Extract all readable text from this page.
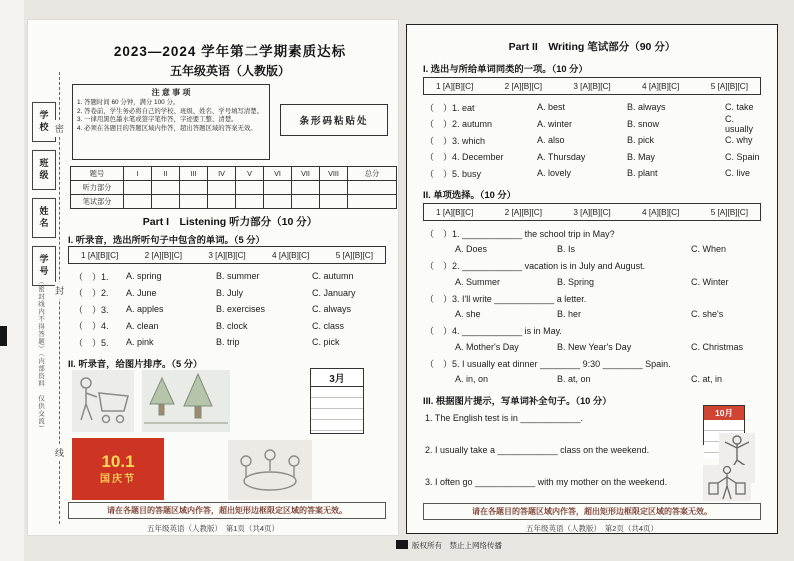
学校
班级
姓名
学号
密
封
线
（密封线内不得答题）（内部资料　仅供交流）
2023—2024 学年第二学期素质达标
五年级英语（人教版）
注 意 事 项
1. 答题时间 60 分钟，满分 100 分。
2. 答卷前，学生务必将自己的学校、班级、姓名、学号填写清楚。
3. 一律用黑色墨水笔或签字笔作答，字迹要工整、清楚。
4. 必须在各题目的答题区域内作答，超出答题区域的答案无效。
条形码粘贴处
题号	I	II	III	IV	V	VI	VII	VIII	总分
听力部分									
笔试部分									
Part I　Listening 听力部分（10 分）
I. 听录音，选出所听句子中包含的单词。（5 分）
1 [A][B][C]	2 [A][B][C]	3 [A][B][C]	4 [A][B][C]	5 [A][B][C]
（　）1.	A. spring	B. summer	C. autumn
（　）2.	A. June	B. July	C. January
（　）3.	A. apples	B. exercises	C. always
（　）4.	A. clean	B. clock	C. class
（　）5.	A. pink	B. trip	C. pick
II. 听录音，给图片排序。（5 分）
3月
10.1
国庆节
请在各题目的答题区域内作答，超出矩形边框限定区域的答案无效。
五年级英语（人教版）　第1页（共4页）
Part II　Writing 笔试部分（90 分）
I. 选出与所给单词同类的一项。（10 分）
1 [A][B][C]	2 [A][B][C]	3 [A][B][C]	4 [A][B][C]	5 [A][B][C]
（　）1. eat	A. best	B. always	C. take
（　）2. autumn	A. winter	B. snow	C. usually
（　）3. which	A. also	B. pick	C. why
（　）4. December	A. Thursday	B. May	C. Spain
（　）5. busy	A. lovely	B. plant	C. live
II. 单项选择。（10 分）
1 [A][B][C]	2 [A][B][C]	3 [A][B][C]	4 [A][B][C]	5 [A][B][C]
（　）1. ____________ the school trip in May?
A. Does	B. Is	C. When
（　）2. ____________ vacation is in July and August.
A. Summer	B. Spring	C. Winter
（　）3. I'll write ____________ a letter.
A. she	B. her	C. she's
（　）4. ____________ is in May.
A. Mother's Day	B. New Year's Day	C. Christmas
（　）5. I usually eat dinner ________ 9:30 ________ Spain.
A. in, on	B. at, on	C. at, in
III. 根据图片提示，写单词补全句子。（10 分）
1. The English test is in ____________.
2. I usually take a ____________ class on the weekend.
3. I often go ____________ with my mother on the weekend.
10月
请在各题目的答题区域内作答，超出矩形边框限定区域的答案无效。
五年级英语（人教版）　第2页（共4页）
版权所有　禁止上网络传播
